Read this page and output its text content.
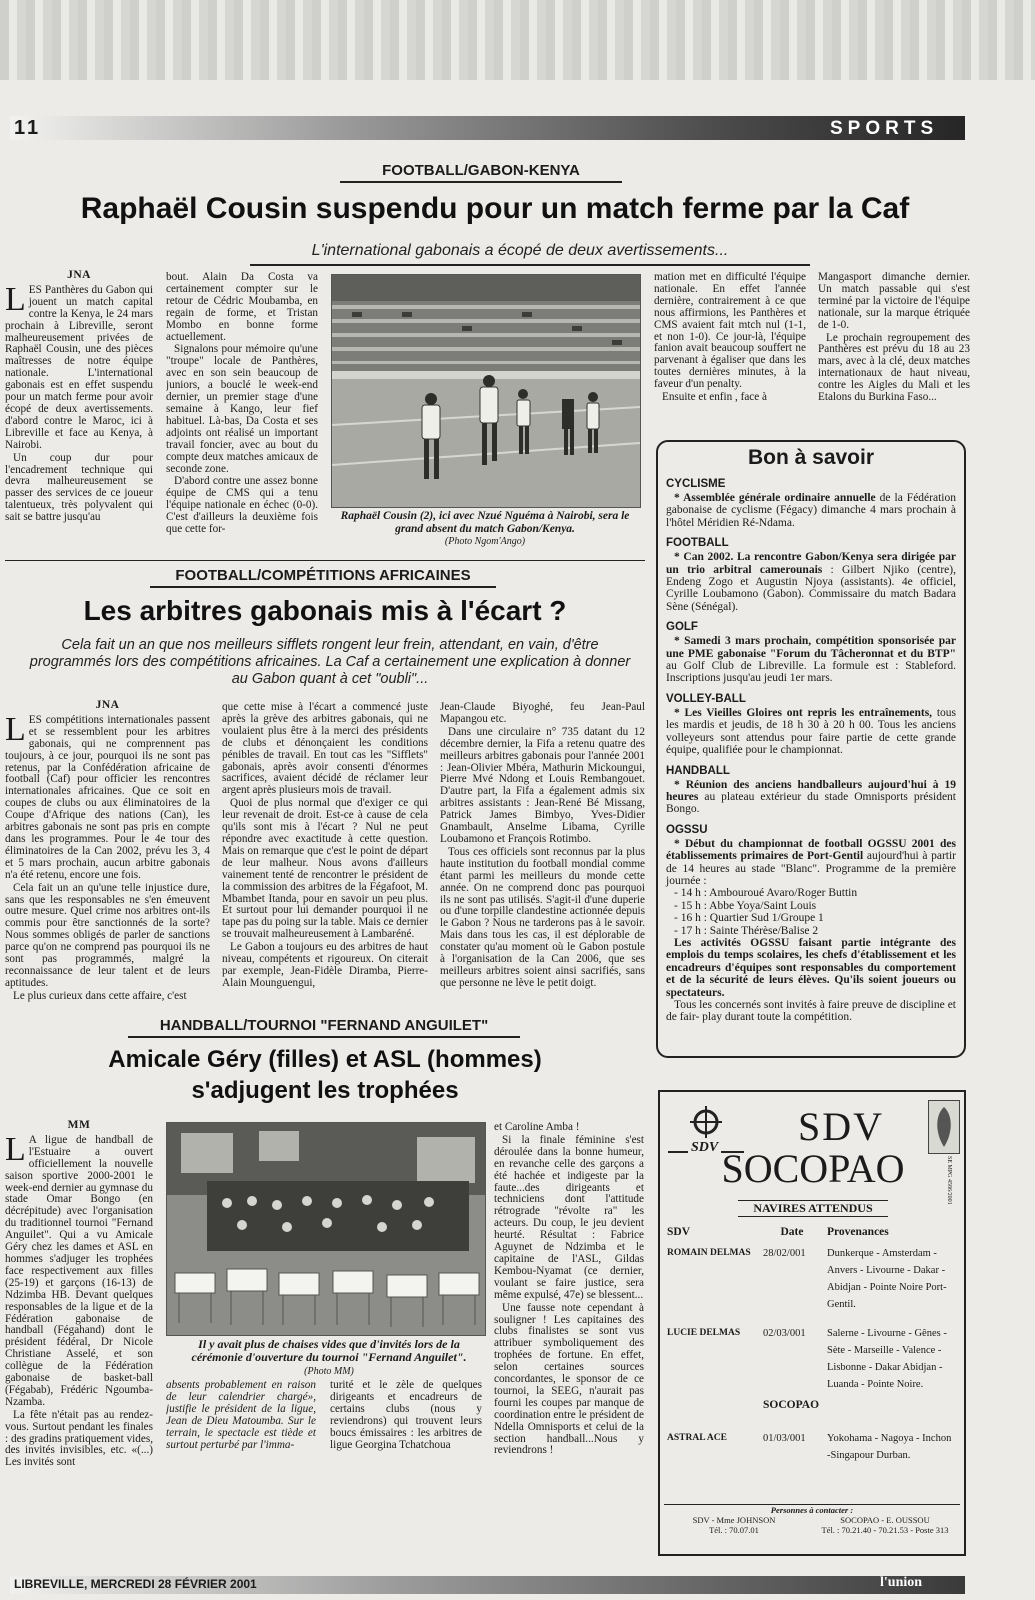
11	SPORTS
FOOTBALL/GABON-KENYA
Raphaël Cousin suspendu pour un match ferme par la Caf
L'international gabonais a écopé de deux avertissements...
JNA

LES Panthères du Gabon qui jouent un match capital contre la Kenya, le 24 mars prochain à Libreville, seront malheureusement privées de Raphaël Cousin, une des pièces maîtresses de notre équipe nationale. L'international gabonais est en effet suspendu pour un match ferme pour avoir écopé de deux avertissements. d'abord contre le Maroc, ici à Libreville et face au Kenya, à Nairobi.

Un coup dur pour l'encadrement technique qui devra malheureusement se passer des services de ce joueur talentueux, très polyvalent qui sait se battre jusqu'au

bout. Alain Da Costa va certainement compter sur le retour de Cédric Moubamba, en regain de forme, et Tristan Mombo en bonne forme actuellement.

Signalons pour mémoire qu'une "troupe" locale de Panthères, avec en son sein beaucoup de juniors, a bouclé le week-end dernier, un premier stage d'une semaine à Kango, leur fief habituel. Là-bas, Da Costa et ses adjoints ont réalisé un important travail foncier, avec au bout du compte deux matches amicaux de seconde zone.

D'abord contre une assez bonne équipe de CMS qui a tenu l'équipe nationale en échec (0-0). C'est d'ailleurs la deuxième fois que cette for-

Raphaël Cousin (2), ici avec Nzué Nguéma à Nairobi, sera le grand absent du match Gabon/Kenya.
(Photo Ngom'Ango)

mation met en difficulté l'équipe nationale. En effet l'année dernière, contrairement à ce que nous affirmions, les Panthères et CMS avaient fait mtch nul (1-1, et non 1-0). Ce jour-là, l'équipe fanion avait beaucoup souffert ne parvenant à égaliser que dans les toutes dernières minutes, à la faveur d'un penalty.

Ensuite et enfin , face à

Mangasport dimanche dernier. Un match passable qui s'est terminé par la victoire de l'équipe nationale, sur la marque étriquée de 1-0.

Le prochain regroupement des Panthères est prévu du 18 au 23 mars, avec à la clé, deux matches internationaux de haut niveau, contre les Aigles du Mali et les Etalons du Burkina Faso...

FOOTBALL/COMPÉTITIONS AFRICAINES
Les arbitres gabonais mis à l'écart ?
Cela fait un an que nos meilleurs sifflets rongent leur frein, attendant, en vain, d'être programmés lors des compétitions africaines. La Caf a certainement une explication à donner au Gabon quant à cet "oubli"...
JNA

LES compétitions internationales passent et se ressemblent pour les arbitres gabonais, qui ne comprennent pas toujours, à ce jour, pourquoi ils ne sont pas retenus, par la Confédération africaine de football (Caf) pour officier les rencontres internationales africaines. Que ce soit en coupes de clubs ou aux éliminatoires de la Coupe d'Afrique des nations (Can), les arbitres gabonais ne sont pas pris en compte dans les programmes. Pour le 4e tour des éliminatoires de la Can 2002, prévu les 3, 4 et 5 mars prochain, aucun arbitre gabonais n'a été retenu, encore une fois.

Cela fait un an qu'une telle injustice dure, sans que les responsables ne s'en émeuvent outre mesure. Quel crime nos arbitres ont-ils commis pour être sanctionnés de la sorte? Nous sommes obligés de parler de sanctions parce qu'on ne comprend pas pourquoi ils ne sont pas programmés, malgré la reconnaissance de leur talent et de leurs aptitudes.

Le plus curieux dans cette affaire, c'est

que cette mise à l'écart a commencé juste après la grève des arbitres gabonais, qui ne voulaient plus être à la merci des présidents de clubs et dénonçaient les conditions pénibles de travail. En tout cas les "Sifflets" gabonais, après avoir consenti d'énormes sacrifices, avaient décidé de réclamer leur argent après plusieurs mois de travail.

Quoi de plus normal que d'exiger ce qui leur revenait de droit. Est-ce à cause de cela qu'ils sont mis à l'écart ? Nul ne peut répondre avec exactitude à cette question. Mais on remarque que c'est le point de départ de leur malheur. Nous avons d'ailleurs vainement tenté de rencontrer le président de la commission des arbitres de la Fégafoot, M. Mbambet Itanda, pour en savoir un peu plus. Et surtout pour lui demander pourquoi il ne tape pas du poing sur la table. Mais ce dernier se trouvait malheureusement à Lambaréné.

Le Gabon a toujours eu des arbitres de haut niveau, compétents et rigoureux. On citerait par exemple, Jean-Fidèle Diramba, Pierre-Alain Mounguengui,

Jean-Claude Biyoghé, feu Jean-Paul Mapangou etc.

Dans une circulaire n° 735 datant du 12 décembre dernier, la Fifa a retenu quatre des meilleurs arbitres gabonais pour l'année 2001 : Jean-Olivier Mbéra, Mathurin Mickoungui, Pierre Mvé Ndong et Louis Rembangouet. D'autre part, la Fifa a également admis six arbitres assistants : Jean-René Bé Missang, Patrick James Bimbyo, Yves-Didier Gnambault, Anselme Libama, Cyrille Loubamono et François Rotimbo.

Tous ces officiels sont reconnus par la plus haute institution du football mondial comme étant parmi les meilleurs du monde cette année. On ne comprend donc pas pourquoi ils ne sont pas utilisés. S'agit-il d'une duperie ou d'une torpille clandestine actionnée depuis le Gabon ? Nous ne tarderons pas à le savoir. Mais dans tous les cas, il est déplorable de constater qu'au moment où le Gabon postule à l'organisation de la Can 2006, que ses meilleurs arbitres soient ainsi sacrifiés, sans que personne ne lève le petit doigt.

Bon à savoir
CYCLISME

* Assemblée générale ordinaire annuelle de la Fédération gabonaise de cyclisme (Fégacy) dimanche 4 mars prochain à l'hôtel Méridien Ré-Ndama.

FOOTBALL

* Can 2002. La rencontre Gabon/Kenya sera dirigée par un trio arbitral camerounais : Gilbert Njiko (centre), Endeng Zogo et Augustin Njoya (assistants). 4e officiel, Cyrille Loubamono (Gabon). Commissaire du match Badara Sène (Sénégal).

GOLF

* Samedi 3 mars prochain, compétition sponsorisée par une PME gabonaise "Forum du Tâcheronnat et du BTP" au Golf Club de Libreville. La formule est : Stableford. Inscriptions jusqu'au jeudi 1er mars.

VOLLEY-BALL

* Les Vieilles Gloires ont repris les entraînements, tous les mardis et jeudis, de 18 h 30 à 20 h 00. Tous les anciens volleyeurs sont attendus pour faire partie de cette grande équipe, qualifiée pour le championnat.

HANDBALL

* Réunion des anciens handballeurs aujourd'hui à 19 heures au plateau extérieur du stade Omnisports président Bongo.

OGSSU

* Début du championnat de football OGSSU 2001 des établissements primaires de Port-Gentil aujourd'hui à partir de 14 heures au stade "Blanc". Programme de la première journée :

- 14 h : Ambouroué Avaro/Roger Buttin
- 15 h : Abbe Yoya/Saint Louis
- 16 h : Quartier Sud 1/Groupe 1
- 17 h : Sainte Thérèse/Balise 2

Les activités OGSSU faisant partie intégrante des emplois du temps scolaires, les chefs d'établissement et les encadreurs d'équipes sont responsables du comportement et de la sécurité de leurs élèves. Qu'ils soient joueurs ou spectateurs.

Tous les concernés sont invités à faire preuve de discipline et de fair- play durant toute la compétition.

HANDBALL/TOURNOI "FERNAND ANGUILET"
Amicale Géry (filles) et ASL (hommes)
s'adjugent les trophées
MM

L A ligue de handball de l'Estuaire a ouvert officiellement la nouvelle saison sportive 2000-2001 le week-end dernier au gymnase du stade Omar Bongo (en décrépitude) avec l'organisation du traditionnel tournoi "Fernand Anguilet". Qui a vu Amicale Géry chez les dames et ASL en hommes s'adjuger les trophées face respectivement aux filles (25-19) et garçons (16-13) de Ndzimba HB. Devant quelques responsables de la ligue et de la Fédération gabonaise de handball (Fégahand) dont le président fédéral, Dr Nicole Christiane Asselé, et son collègue de la Fédération gabonaise de basket-ball (Fégabab), Frédéric Ngoumba-Nzamba.

La fête n'était pas au rendez-vous. Surtout pendant les finales : des gradins pratiquement vides, des invités invisibles, etc. «(...) Les invités sont

Il y avait plus de chaises vides que d'invités lors de la cérémonie d'ouverture du tournoi "Fernand Anguilet". (Photo MM)

absents probablement en raison de leur calendrier chargé», justifie le président de la ligue, Jean de Dieu Matoumba. Sur le terrain, le spectacle est tiède et surtout perturbé par l'imma-

turité et le zèle de quelques dirigeants et encadreurs de certains clubs (nous y reviendrons) qui trouvent leurs boucs émissaires : les arbitres de ligue Georgina Tchatchoua

et Caroline Amba !

Si la finale féminine s'est déroulée dans la bonne humeur, en revanche celle des garçons a été hachée et indigeste par la faute...des dirigeants et techniciens dont l'attitude rétrograde "révolte ra" les acteurs. Du coup, le jeu devient heurté. Résultat : Fabrice Aguynet de Ndzimba et le capitaine de l'ASL, Gildas Kembou-Nyamat (ce dernier, voulant se faire justice, sera même expulsé, 47e) se blessent...

Une fausse note cependant à souligner ! Les capitaines des clubs finalistes se sont vus attribuer symboliquement des trophées de fortune. En effet, selon certaines sources concordantes, le sponsor de ce tournoi, la SEEG, n'aurait pas fourni les coupes par manque de coordination entre le président de Ndella Omnisports et celui de la section handball...Nous y reviendrons !

SDV	SDV
SOCOPAO	SE MPG 4586/2001
NAVIRES ATTENDUS
SDV	Date	Provenances
ROMAIN DELMAS	28/02/001	Dunkerque - Amsterdam - Anvers - Livourne - Dakar - Abidjan - Pointe Noire Port-Gentil.
LUCIE DELMAS	02/03/001	Salerne - Livourne - Gênes - Sète - Marseille - Valence - Lisbonne - Dakar Abidjan - Luanda - Pointe Noire.
	SOCOPAO	
ASTRAL ACE	01/03/001	Yokohama - Nagoya - Inchon -Singapour Durban.
Personnes à contacter :
SDV - Mme JOHNSON
Tél. : 70.07.01
SOCOPAO - E. OUSSOU
Tél. : 70.21.40 - 70.21.53 - Poste 313
LIBREVILLE, MERCREDI 28 FÉVRIER 2001	l'union
